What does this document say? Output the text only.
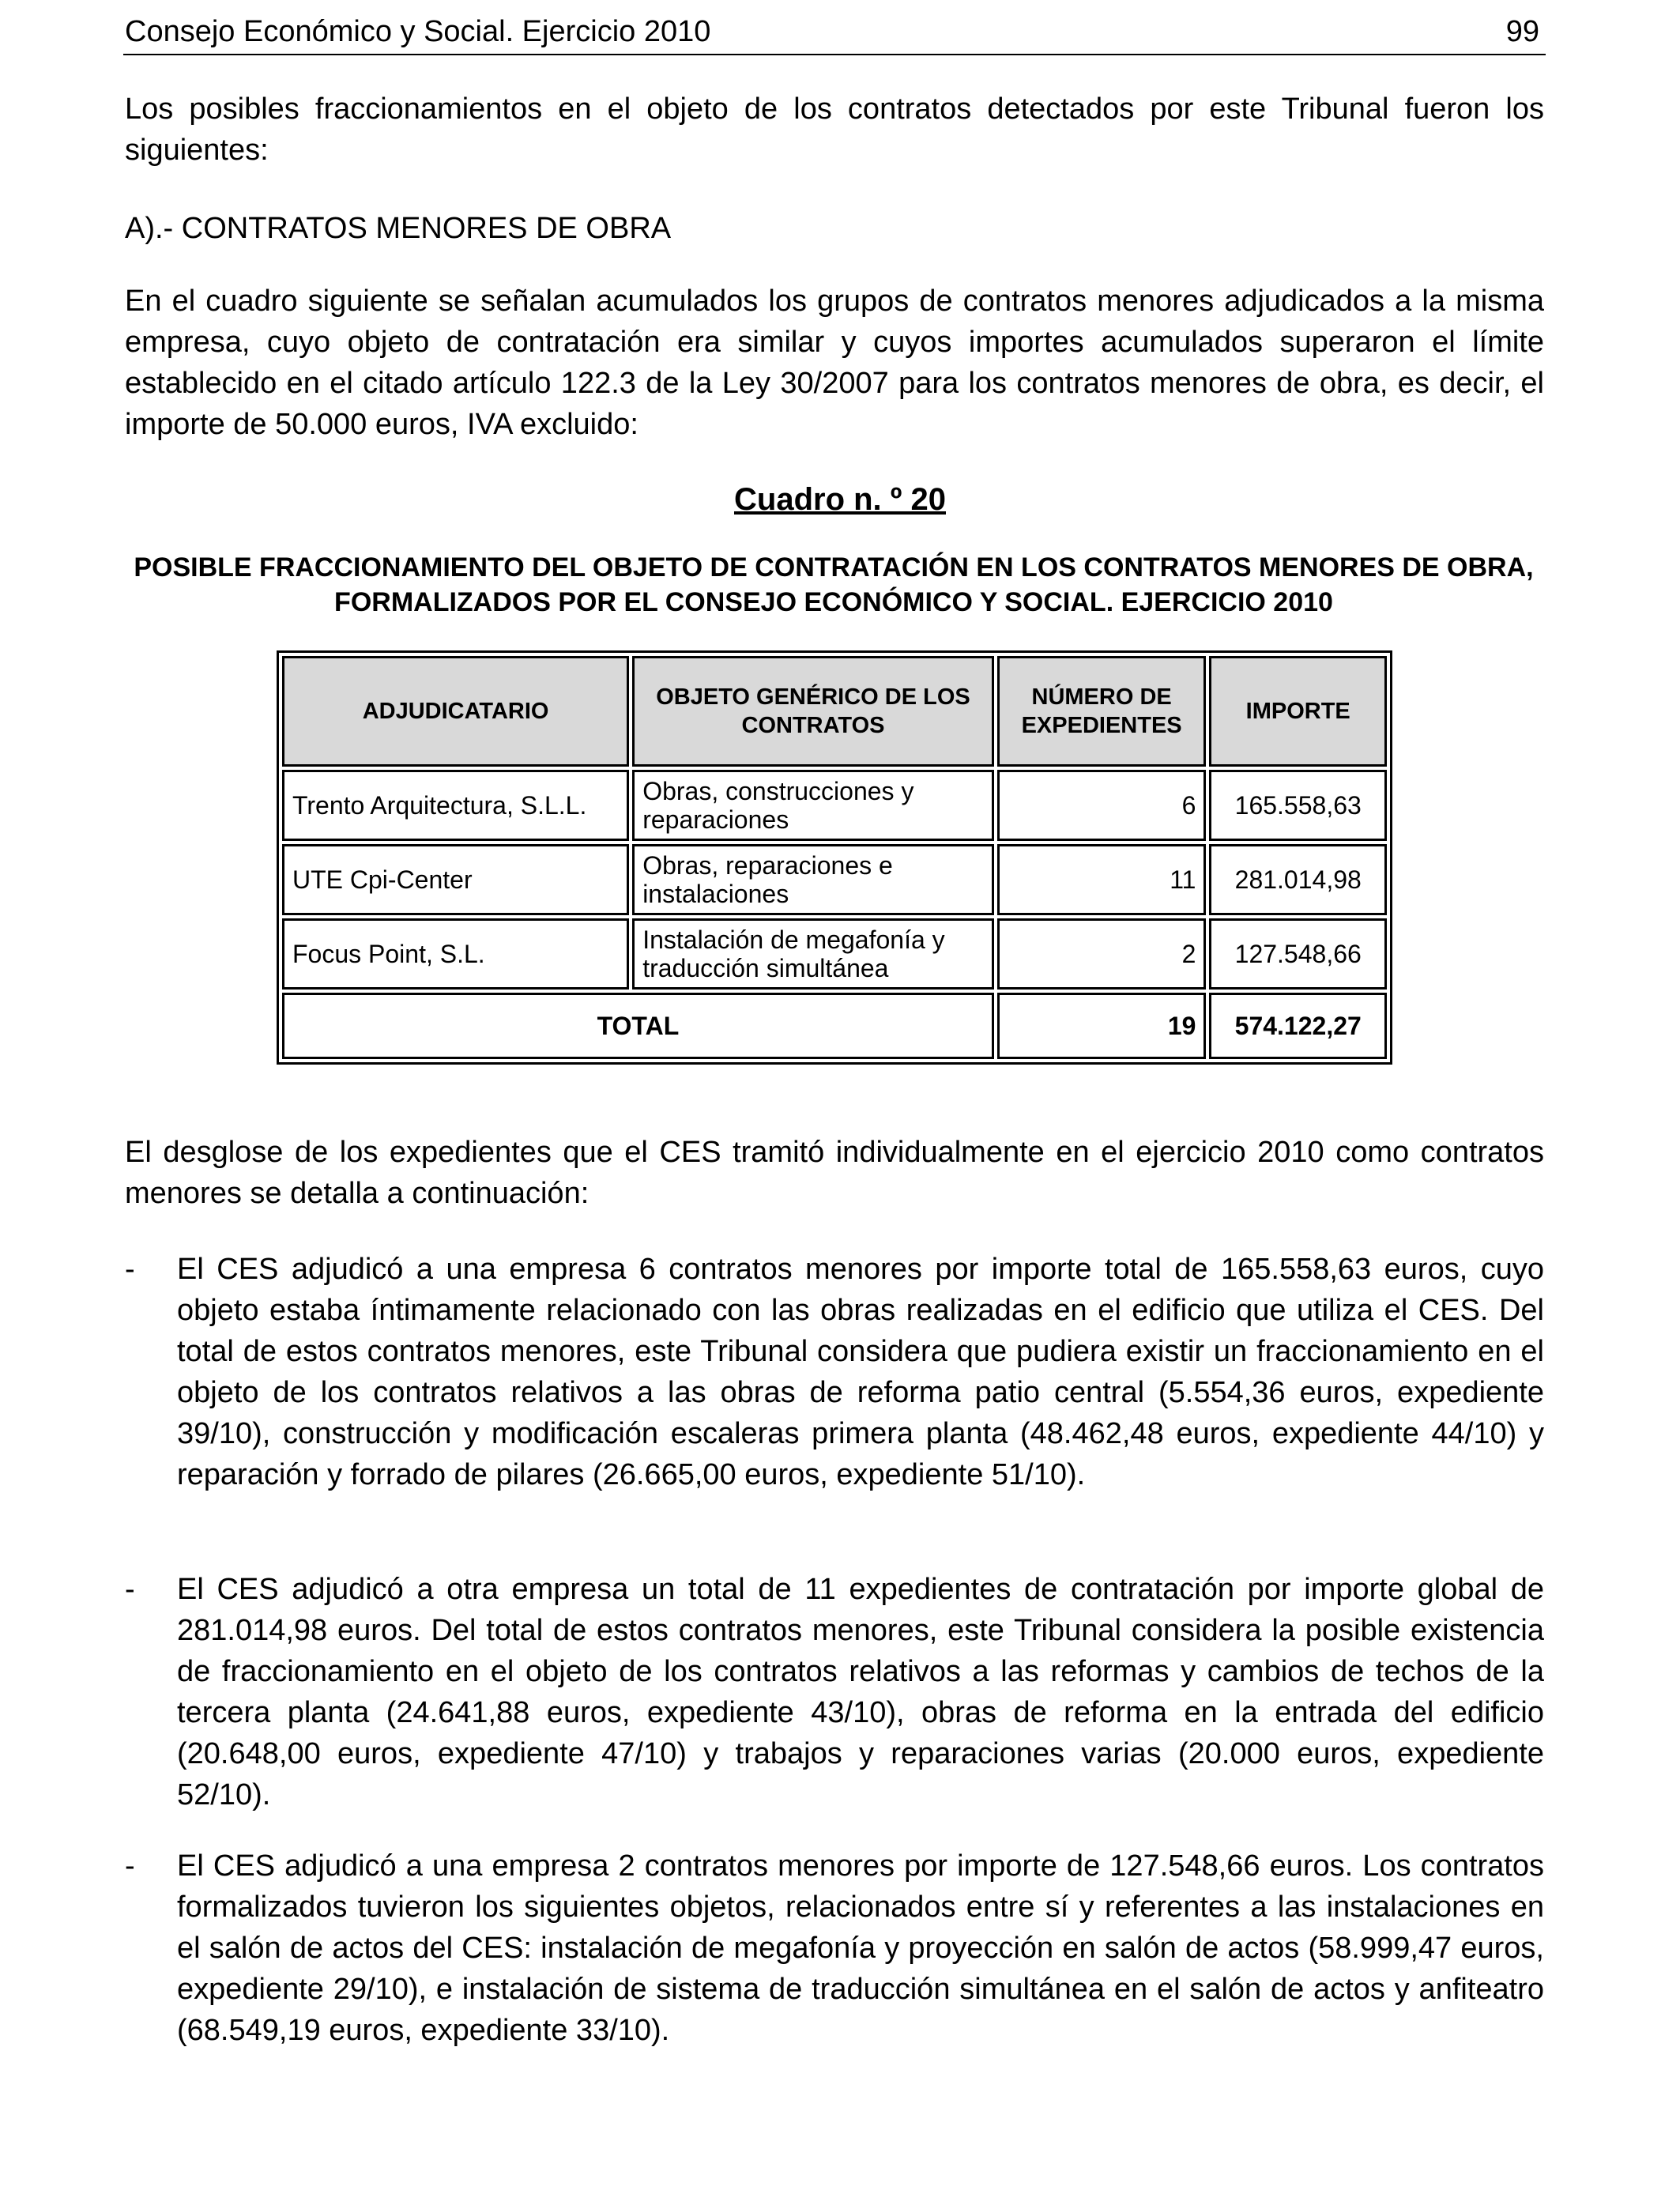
Consejo Económico y Social. Ejercicio 2010	99

Los posibles fraccionamientos en el objeto de los contratos detectados por este Tribunal fueron los siguientes:

A).- CONTRATOS MENORES DE OBRA

En el cuadro siguiente se señalan acumulados los grupos de contratos menores adjudicados a la misma empresa, cuyo objeto de contratación era similar y cuyos importes acumulados superaron el límite establecido en el citado artículo 122.3 de la Ley 30/2007 para los contratos menores de obra, es decir, el importe de 50.000 euros, IVA excluido:

Cuadro n. º 20

POSIBLE FRACCIONAMIENTO DEL OBJETO DE CONTRATACIÓN EN LOS CONTRATOS MENORES DE OBRA, FORMALIZADOS POR EL CONSEJO ECONÓMICO Y SOCIAL. EJERCICIO 2010

ADJUDICATARIO	OBJETO GENÉRICO DE LOS CONTRATOS	NÚMERO DE EXPEDIENTES	IMPORTE
Trento Arquitectura, S.L.L.	Obras, construcciones y reparaciones	6	165.558,63
UTE Cpi-Center	Obras, reparaciones e instalaciones	11	281.014,98
Focus Point, S.L.	Instalación de megafonía y traducción simultánea	2	127.548,66
TOTAL		19	574.122,27

El desglose de los expedientes que el CES tramitó individualmente en el ejercicio 2010 como contratos menores se detalla a continuación:

- El CES adjudicó a una empresa 6 contratos menores por importe total de 165.558,63 euros, cuyo objeto estaba íntimamente relacionado con las obras realizadas en el edificio que utiliza el CES. Del total de estos contratos menores, este Tribunal considera que pudiera existir un fraccionamiento en el objeto de los contratos relativos a las obras de reforma patio central (5.554,36 euros, expediente 39/10), construcción y modificación escaleras primera planta (48.462,48 euros, expediente 44/10) y reparación y forrado de pilares (26.665,00 euros, expediente 51/10).
- El CES adjudicó a otra empresa un total de 11 expedientes de contratación por importe global de 281.014,98 euros. Del total de estos contratos menores, este Tribunal considera la posible existencia de fraccionamiento en el objeto de los contratos relativos a las reformas y cambios de techos de la tercera planta (24.641,88 euros, expediente 43/10), obras de reforma en la entrada del edificio (20.648,00 euros, expediente 47/10) y trabajos y reparaciones varias (20.000 euros, expediente 52/10).
- El CES adjudicó a una empresa 2 contratos menores por importe de 127.548,66 euros. Los contratos formalizados tuvieron los siguientes objetos, relacionados entre sí y referentes a las instalaciones en el salón de actos del CES: instalación de megafonía y proyección en salón de actos (58.999,47 euros, expediente 29/10), e instalación de sistema de traducción simultánea en el salón de actos y anfiteatro (68.549,19 euros, expediente 33/10).
